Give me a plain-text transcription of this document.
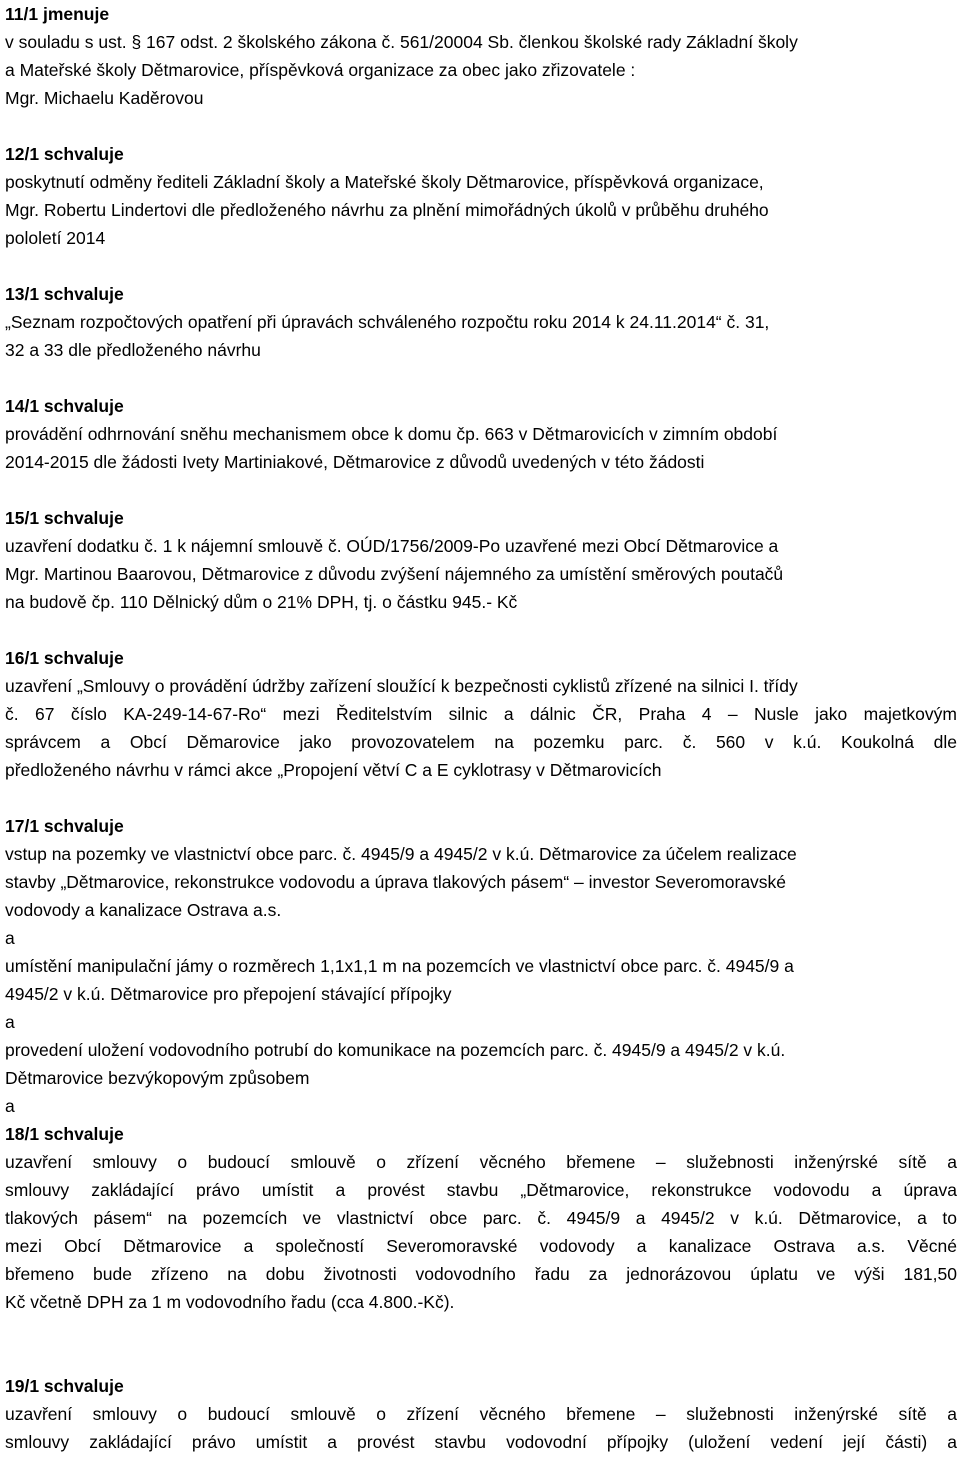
11/1 jmenuje
v souladu s ust. § 167 odst. 2 školského zákona č. 561/20004 Sb. členkou školské rady Základní školy
a Mateřské školy Dětmarovice, příspěvková organizace za obec jako zřizovatele :
Mgr. Michaelu Kaděrovou
12/1 schvaluje
poskytnutí odměny řediteli Základní školy a Mateřské školy Dětmarovice, příspěvková organizace,
Mgr. Robertu Lindertovi dle předloženého návrhu za plnění mimořádných úkolů v průběhu druhého
pololetí 2014
13/1 schvaluje
„Seznam rozpočtových opatření při úpravách schváleného rozpočtu roku 2014 k 24.11.2014“ č. 31,
32 a 33 dle předloženého návrhu
14/1 schvaluje
provádění odhrnování sněhu mechanismem obce k domu čp. 663 v Dětmarovicích v zimním období
2014-2015 dle žádosti Ivety Martiniakové, Dětmarovice z důvodů uvedených v této žádosti
15/1 schvaluje
uzavření dodatku č. 1 k nájemní smlouvě č. OÚD/1756/2009-Po uzavřené mezi Obcí Dětmarovice a
Mgr. Martinou Baarovou, Dětmarovice z důvodu zvýšení nájemného za umístění směrových poutačů
na budově čp. 110 Dělnický dům o 21% DPH, tj. o částku 945.- Kč
16/1 schvaluje
uzavření „Smlouvy o provádění údržby zařízení sloužící k bezpečnosti cyklistů zřízené na silnici I. třídy
č. 67 číslo KA-249-14-67-Ro“ mezi Ředitelstvím silnic a dálnic ČR, Praha 4 – Nusle jako majetkovým
správcem a Obcí Děmarovice jako provozovatelem na pozemku parc. č. 560 v k.ú. Koukolná dle
předloženého návrhu v rámci akce „Propojení větví C a E cyklotrasy v Dětmarovicích
17/1 schvaluje
vstup na pozemky ve vlastnictví obce parc. č. 4945/9 a 4945/2 v k.ú. Dětmarovice za účelem realizace
stavby „Dětmarovice, rekonstrukce vodovodu a úprava tlakových pásem“ – investor Severomoravské
vodovody a kanalizace Ostrava a.s.
a
umístění manipulační jámy o rozměrech 1,1x1,1 m na pozemcích ve vlastnictví obce parc. č. 4945/9 a
4945/2 v k.ú. Dětmarovice pro přepojení stávající přípojky
a
provedení uložení vodovodního potrubí do komunikace na pozemcích parc. č. 4945/9 a 4945/2 v k.ú.
Dětmarovice bezvýkopovým způsobem
a
18/1 schvaluje
uzavření smlouvy o budoucí smlouvě o zřízení věcného břemene – služebnosti inženýrské sítě a
smlouvy zakládající právo umístit a provést stavbu „Dětmarovice, rekonstrukce vodovodu a úprava
tlakových pásem“ na pozemcích ve vlastnictví obce parc. č. 4945/9 a 4945/2 v k.ú. Dětmarovice, a to
mezi Obcí Dětmarovice a společností Severomoravské vodovody a kanalizace Ostrava a.s. Věcné
břemeno bude zřízeno na dobu životnosti vodovodního řadu za jednorázovou úplatu ve výši 181,50
Kč včetně DPH za 1 m vodovodního řadu (cca 4.800.-Kč).
19/1 schvaluje
uzavření smlouvy o budoucí smlouvě o zřízení věcného břemene – služebnosti inženýrské sítě a
smlouvy zakládající právo umístit a provést stavbu vodovodní přípojky (uložení vedení její části) a
